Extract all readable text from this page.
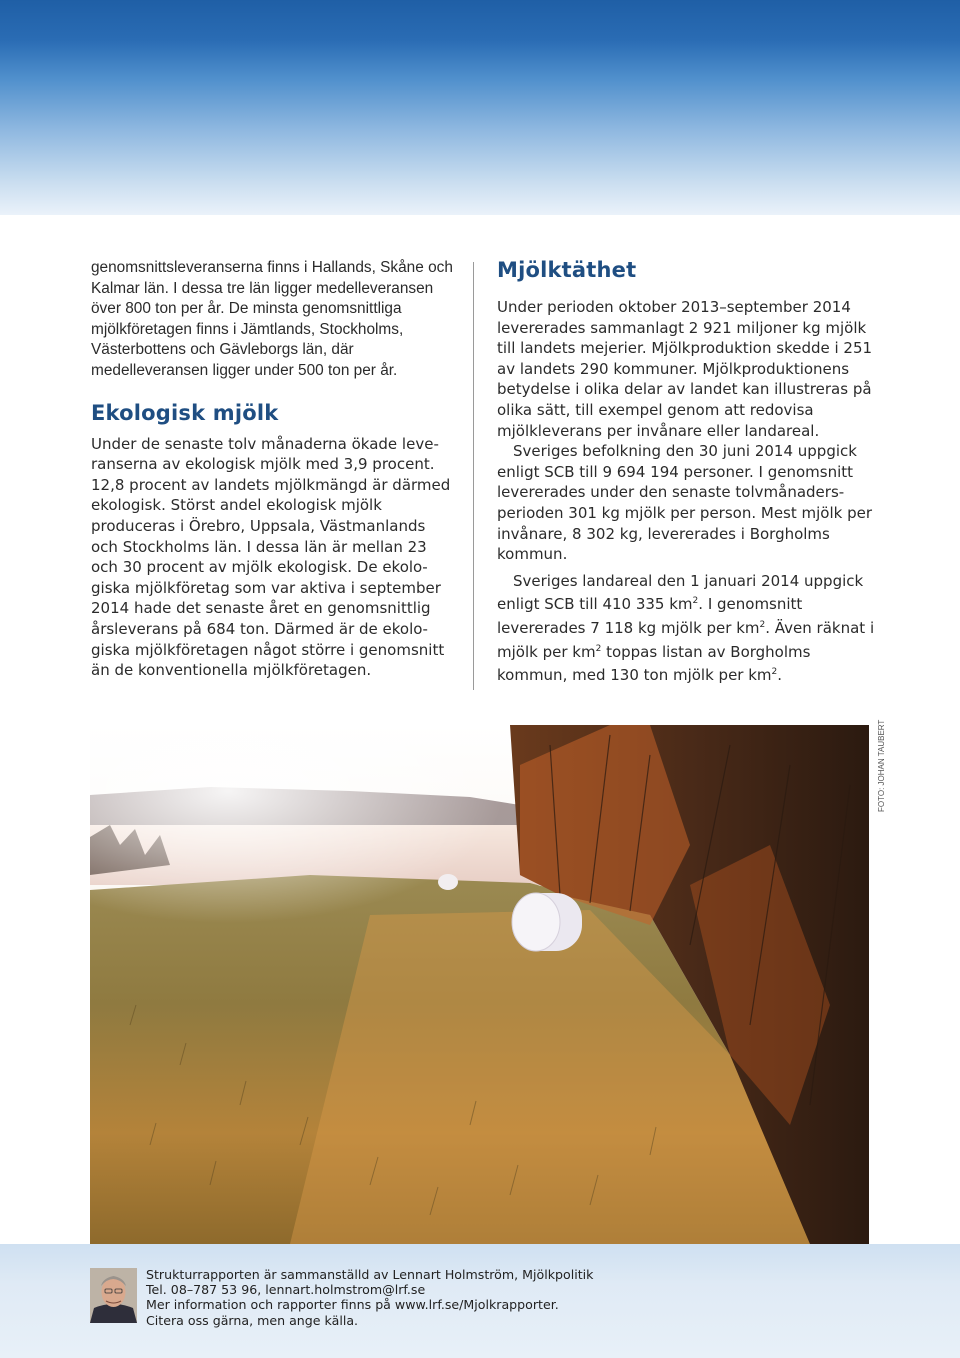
genomsnittsleveranserna finns i Hallands, Skåne och Kalmar län. I dessa tre län ligger medelleveransen över 800 ton per år. De minsta genomsnittliga mjölkföretagen finns i Jämtlands, Stockholms, Västerbottens och Gävleborgs län, där medelleveransen ligger under 500 ton per år.

Ekologisk mjölk

Under de senaste tolv månaderna ökade leveranserna av ekologisk mjölk med 3,9 procent. 12,8 procent av landets mjölkmängd är därmed ekologisk. Störst andel ekologisk mjölk produceras i Örebro, Uppsala, Västmanlands och Stockholms län. I dessa län är mellan 23 och 30 procent av mjölk ekologisk. De ekologiska mjölkföretag som var aktiva i september 2014 hade det senaste året en genomsnittlig årsleverans på 684 ton. Därmed är de ekologiska mjölkföretagen något större i genomsnitt än de konventionella mjölkföretagen.

Mjölktäthet

Under perioden oktober 2013–september 2014 levererades sammanlagt 2 921 miljoner kg mjölk till landets mejerier. Mjölkproduktion skedde i 251 av landets 290 kommuner. Mjölkproduktionens betydelse i olika delar av landet kan illustreras på olika sätt, till exempel genom att redovisa mjölkleverans per invånare eller landareal.

Sveriges befolkning den 30 juni 2014 uppgick enligt SCB till 9 694 194 personer. I genomsnitt levererades under den senaste tolvmånadersperioden 301 kg mjölk per person. Mest mjölk per invånare, 8 302 kg, levererades i Borgholms kommun.

Sveriges landareal den 1 januari 2014 uppgick enligt SCB till 410 335 $km^2$. I genomsnitt levererades 7 118 kg mjölk per $km^2$. Även räknat i mjölk per $km^2$ toppas listan av Borgholms kommun, med 130 ton mjölk per $km^2$.

FOTO: JOHAN TAUBERT
Strukturrapporten är sammanställd av Lennart Holmström, Mjölkpolitik
Tel. 08–787 53 96, lennart.holmstrom@lrf.se
Mer information och rapporter finns på www.lrf.se/Mjolkrapporter.
Citera oss gärna, men ange källa.
